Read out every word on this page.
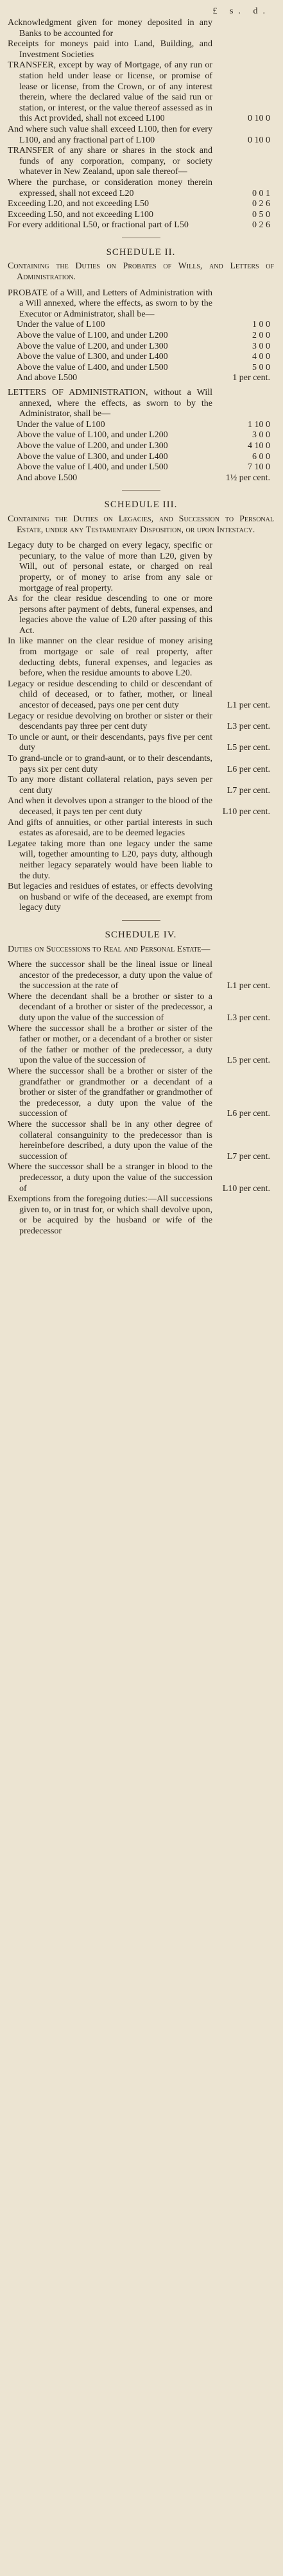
£ s. d.
Acknowledgment given for money deposited in any Banks to be accounted for
Receipts for moneys paid into Land, Building, and Investment Societies
TRANSFER, except by way of Mortgage, of any run or station held under lease or license, or promise of lease or license, from the Crown, or of any interest therein, where the declared value of the said run or station, or interest, or the value thereof assessed as in this Act provided, shall not exceed L100	0 10 0
And where such value shall exceed L100, then for every L100, and any fractional part of L100	0 10 0
TRANSFER of any share or shares in the stock and funds of any corporation, company, or society whatever in New Zealand, upon sale thereof—
Where the purchase, or consideration money therein expressed, shall not exceed L20	0 0 1
Exceeding L20, and not exceeding L50	0 2 6
Exceeding L50, and not exceeding L100	0 5 0
For every additional L50, or fractional part of L50	0 2 6
SCHEDULE II.

Containing the Duties on Probates of Wills, and Letters of Administration.

PROBATE of a Will, and Letters of Administration with a Will annexed, where the effects, as sworn to by the Executor or Administrator, shall be—
Under the value of L100	1 0 0
Above the value of L100, and under L200	2 0 0
Above the value of L200, and under L300	3 0 0
Above the value of L300, and under L400	4 0 0
Above the value of L400, and under L500	5 0 0
And above L500	1 per cent.
LETTERS OF ADMINISTRATION, without a Will annexed, where the effects, as sworn to by the Administrator, shall be—
Under the value of L100	1 10 0
Above the value of L100, and under L200	3 0 0
Above the value of L200, and under L300	4 10 0
Above the value of L300, and under L400	6 0 0
Above the value of L400, and under L500	7 10 0
And above L500	1½ per cent.
SCHEDULE III.

Containing the Duties on Legacies, and Succession to Personal Estate, under any Testamentary Disposition, or upon Intestacy.

Legacy duty to be charged on every legacy, specific or pecuniary, to the value of more than L20, given by Will, out of personal estate, or charged on real property, or of money to arise from any sale or mortgage of real property.
As for the clear residue descending to one or more persons after payment of debts, funeral expenses, and legacies above the value of L20 after passing of this Act.
In like manner on the clear residue of money arising from mortgage or sale of real property, after deducting debts, funeral expenses, and legacies as before, when the residue amounts to above L20.
Legacy or residue descending to child or descendant of child of deceased, or to father, mother, or lineal ancestor of deceased, pays one per cent duty	L1 per cent.
Legacy or residue devolving on brother or sister or their descendants pay three per cent duty	L3 per cent.
To uncle or aunt, or their descendants, pays five per cent duty	L5 per cent.
To grand-uncle or to grand-aunt, or to their descendants, pays six per cent duty	L6 per cent.
To any more distant collateral relation, pays seven per cent duty	L7 per cent.
And when it devolves upon a stranger to the blood of the deceased, it pays ten per cent duty	L10 per cent.
And gifts of annuities, or other partial interests in such estates as aforesaid, are to be deemed legacies
Legatee taking more than one legacy under the same will, together amounting to L20, pays duty, although neither legacy separately would have been liable to the duty.
But legacies and residues of estates, or effects devolving on husband or wife of the deceased, are exempt from legacy duty
SCHEDULE IV.

Duties on Successions to Real and Personal Estate—

Where the successor shall be the lineal issue or lineal ancestor of the predecessor, a duty upon the value of the succession at the rate of	L1 per cent.
Where the decendant shall be a brother or sister to a decendant of a brother or sister of the predecessor, a duty upon the value of the succession of	L3 per cent.
Where the successor shall be a brother or sister of the father or mother, or a decendant of a brother or sister of the father or mother of the predecessor, a duty upon the value of the succession of	L5 per cent.
Where the successor shall be a brother or sister of the grandfather or grandmother or a decendant of a brother or sister of the grandfather or grandmother of the predecessor, a duty upon the value of the succession of	L6 per cent.
Where the successor shall be in any other degree of collateral consanguinity to the predecessor than is hereinbefore described, a duty upon the value of the succession of	L7 per cent.
Where the successor shall be a stranger in blood to the predecessor, a duty upon the value of the succession of	L10 per cent.
Exemptions from the foregoing duties:—All successions given to, or in trust for, or which shall devolve upon, or be acquired by the husband or wife of the predecessor
